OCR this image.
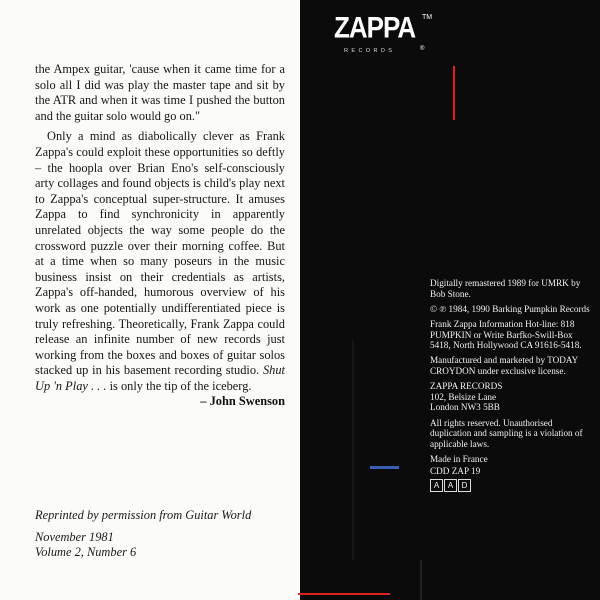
the Ampex guitar, 'cause when it came time for a solo all I did was play the master tape and sit by the ATR and when it was time I pushed the button and the guitar solo would go on."

Only a mind as diabolically clever as Frank Zappa's could exploit these opportunities so deftly – the hoopla over Brian Eno's self-consciously arty collages and found objects is child's play next to Zappa's conceptual super-structure. It amuses Zappa to find synchronicity in apparently unrelated objects the way some people do the crossword puzzle over their morning coffee. But at a time when so many poseurs in the music business insist on their credentials as artists, Zappa's off-handed, humorous overview of his work as one potentially undifferentiated piece is truly refreshing. Theoretically, Frank Zappa could release an infinite number of new records just working from the boxes and boxes of guitar solos stacked up in his basement recording studio. Shut Up 'n Play . . . is only the tip of the iceberg.

– John Swenson
Reprinted by permission from Guitar World
November 1981
Volume 2, Number 6
ZAPPA TM
®
RECORDS

Digitally remastered 1989 for UMRK by Bob Stone.

© ℗ 1984, 1990 Barking Pumpkin Records

Frank Zappa Information Hot-line: 818 PUMPKIN or Write Barfko-Swill-Box 5418, North Hollywood CA 91616-5418.

Manufactured and marketed by TODAY CROYDON under exclusive license.

ZAPPA RECORDS
102, Belsize Lane
London NW3 5BB

All rights reserved. Unauthorised duplication and sampling is a violation of applicable laws.

Made in France

CDD ZAP 19

A	A	D
